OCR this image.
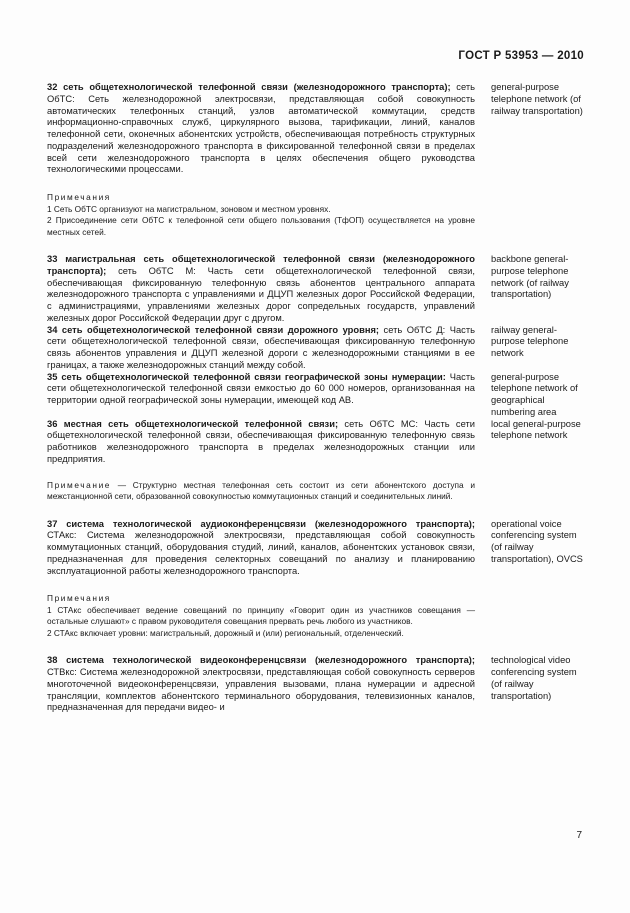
ГОСТ Р 53953 — 2010
32 сеть общетехнологической телефонной связи (железнодорожного транспорта); сеть ОбТС: Сеть железнодорожной электросвязи, представляющая собой совокупность автоматических телефонных станций, узлов автоматической коммутации, средств информационно-справочных служб, циркулярного вызова, тарификации, линий, каналов телефонной сети, оконечных абонентских устройств, обеспечивающая потребность структурных подразделений железнодорожного транспорта в фиксированной телефонной связи в пределах всей сети железнодорожного транспорта в целях обеспечения общего руководства технологическими процессами.
general-purpose telephone network (of railway transportation)
Примечания
1 Сеть ОбТС организуют на магистральном, зоновом и местном уровнях.
2 Присоединение сети ОбТС к телефонной сети общего пользования (ТфОП) осуществляется на уровне местных сетей.
33 магистральная сеть общетехнологической телефонной связи (железнодорожного транспорта); сеть ОбТС М: Часть сети общетехнологической телефонной связи, обеспечивающая фиксированную телефонную связь абонентов центрального аппарата железнодорожного транспорта с управлениями и ДЦУП железных дорог Российской Федерации, с администрациями, управлениями железных дорог сопредельных государств, управлений железных дорог Российской Федерации друг с другом.
backbone general-purpose telephone network (of railway transportation)
34 сеть общетехнологической телефонной связи дорожного уровня; сеть ОбТС Д: Часть сети общетехнологической телефонной связи, обеспечивающая фиксированную телефонную связь абонентов управления и ДЦУП железной дороги с железнодорожными станциями в ее границах, а также железнодорожных станций между собой.
railway general-purpose telephone network
35 сеть общетехнологической телефонной связи географической зоны нумерации: Часть сети общетехнологической телефонной связи емкостью до 60 000 номеров, организованная на территории одной географической зоны нумерации, имеющей код АВ.
general-purpose telephone network of geographical numbering area
36 местная сеть общетехнологической телефонной связи; сеть ОбТС МС: Часть сети общетехнологической телефонной связи, обеспечивающая фиксированную телефонную связь работников железнодорожного транспорта в пределах железнодорожных станции или предприятия.
local general-purpose telephone network
Примечание — Структурно местная телефонная сеть состоит из сети абонентского доступа и межстанционной сети, образованной совокупностью коммутационных станций и соединительных линий.
37 система технологической аудиоконференцсвязи (железнодорожного транспорта); СТАкс: Система железнодорожной электросвязи, представляющая собой совокупность коммутационных станций, оборудования студий, линий, каналов, абонентских установок связи, предназначенная для проведения селекторных совещаний по анализу и планированию эксплуатационной работы железнодорожного транспорта.
operational voice conferencing system (of railway transportation), OVCS
Примечания
1 СТАкс обеспечивает ведение совещаний по принципу «Говорит один из участников совещания — остальные слушают» с правом руководителя совещания прервать речь любого из участников.
2 СТАкс включает уровни: магистральный, дорожный и (или) региональный, отделенческий.
38 система технологической видеоконференцсвязи (железнодорожного транспорта); СТВкс: Система железнодорожной электросвязи, представляющая собой совокупность серверов многоточечной видеоконференцсвязи, управления вызовами, плана нумерации и адресной трансляции, комплектов абонентского терминального оборудования, телевизионных каналов, предназначенная для передачи видео- и
technological video conferencing system (of railway transportation)
7
